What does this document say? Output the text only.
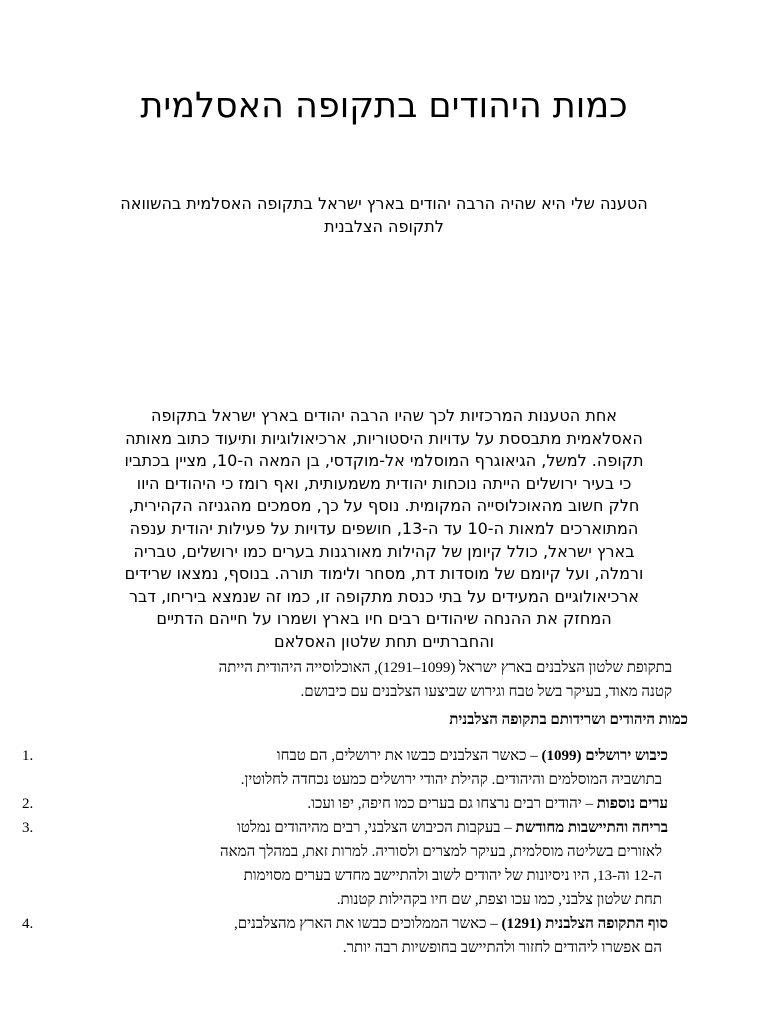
כמות היהודים בתקופה האסלמית
הטענה שלי היא שהיה הרבה יהודים בארץ ישראל בתקופה האסלמית בהשוואה
לתקופה הצלבנית
אחת הטענות המרכזיות לכך שהיו הרבה יהודים בארץ ישראל בתקופה
האסלאמית מתבססת על עדויות היסטוריות, ארכיאולוגיות ותיעוד כתוב מאותה
תקופה. למשל, הגיאוגרף המוסלמי אל-מוקדסי, בן המאה ה-10, מציין בכתביו
כי בעיר ירושלים הייתה נוכחות יהודית משמעותית, ואף רומז כי היהודים היוו
חלק חשוב מהאוכלוסייה המקומית. נוסף על כך, מסמכים מהגניזה הקהירית,
המתוארכים למאות ה-10 עד ה-13, חושפים עדויות על פעילות יהודית ענפה
בארץ ישראל, כולל קיומן של קהילות מאורגנות בערים כמו ירושלים, טבריה
ורמלה, ועל קיומם של מוסדות דת, מסחר ולימוד תורה. בנוסף, נמצאו שרידים
ארכיאולוגיים המעידים על בתי כנסת מתקופה זו, כמו זה שנמצא ביריחו, דבר
המחזק את ההנחה שיהודים רבים חיו בארץ ושמרו על חייהם הדתיים
והחברתיים תחת שלטון האסלאם
בתקופת שלטון הצלבנים בארץ ישראל (1099–1291), האוכלוסייה היהודית הייתה
קטנה מאוד, בעיקר בשל טבח וגירוש שביצעו הצלבנים עם כיבושם.
כמות היהודים ושרידותם בתקופה הצלבנית
1.	כיבוש ירושלים (1099) – כאשר הצלבנים כבשו את ירושלים, הם טבחו
בתושביה המוסלמים והיהודים. קהילת יהודי ירושלים כמעט נכחדה לחלוטין.
2.	ערים נוספות – יהודים רבים נרצחו גם בערים כמו חיפה, יפו ועכו.
3.	בריחה והתיישבות מחודשת – בעקבות הכיבוש הצלבני, רבים מהיהודים נמלטו
לאזורים בשליטה מוסלמית, בעיקר למצרים ולסוריה. למרות זאת, במהלך המאה
ה-12 וה-13, היו ניסיונות של יהודים לשוב ולהתיישב מחדש בערים מסוימות
תחת שלטון צלבני, כמו עכו וצפת, שם חיו בקהילות קטנות.
4.	סוף התקופה הצלבנית (1291) – כאשר הממלוכים כבשו את הארץ מהצלבנים,
הם אפשרו ליהודים לחזור ולהתיישב בחופשיות רבה יותר.
